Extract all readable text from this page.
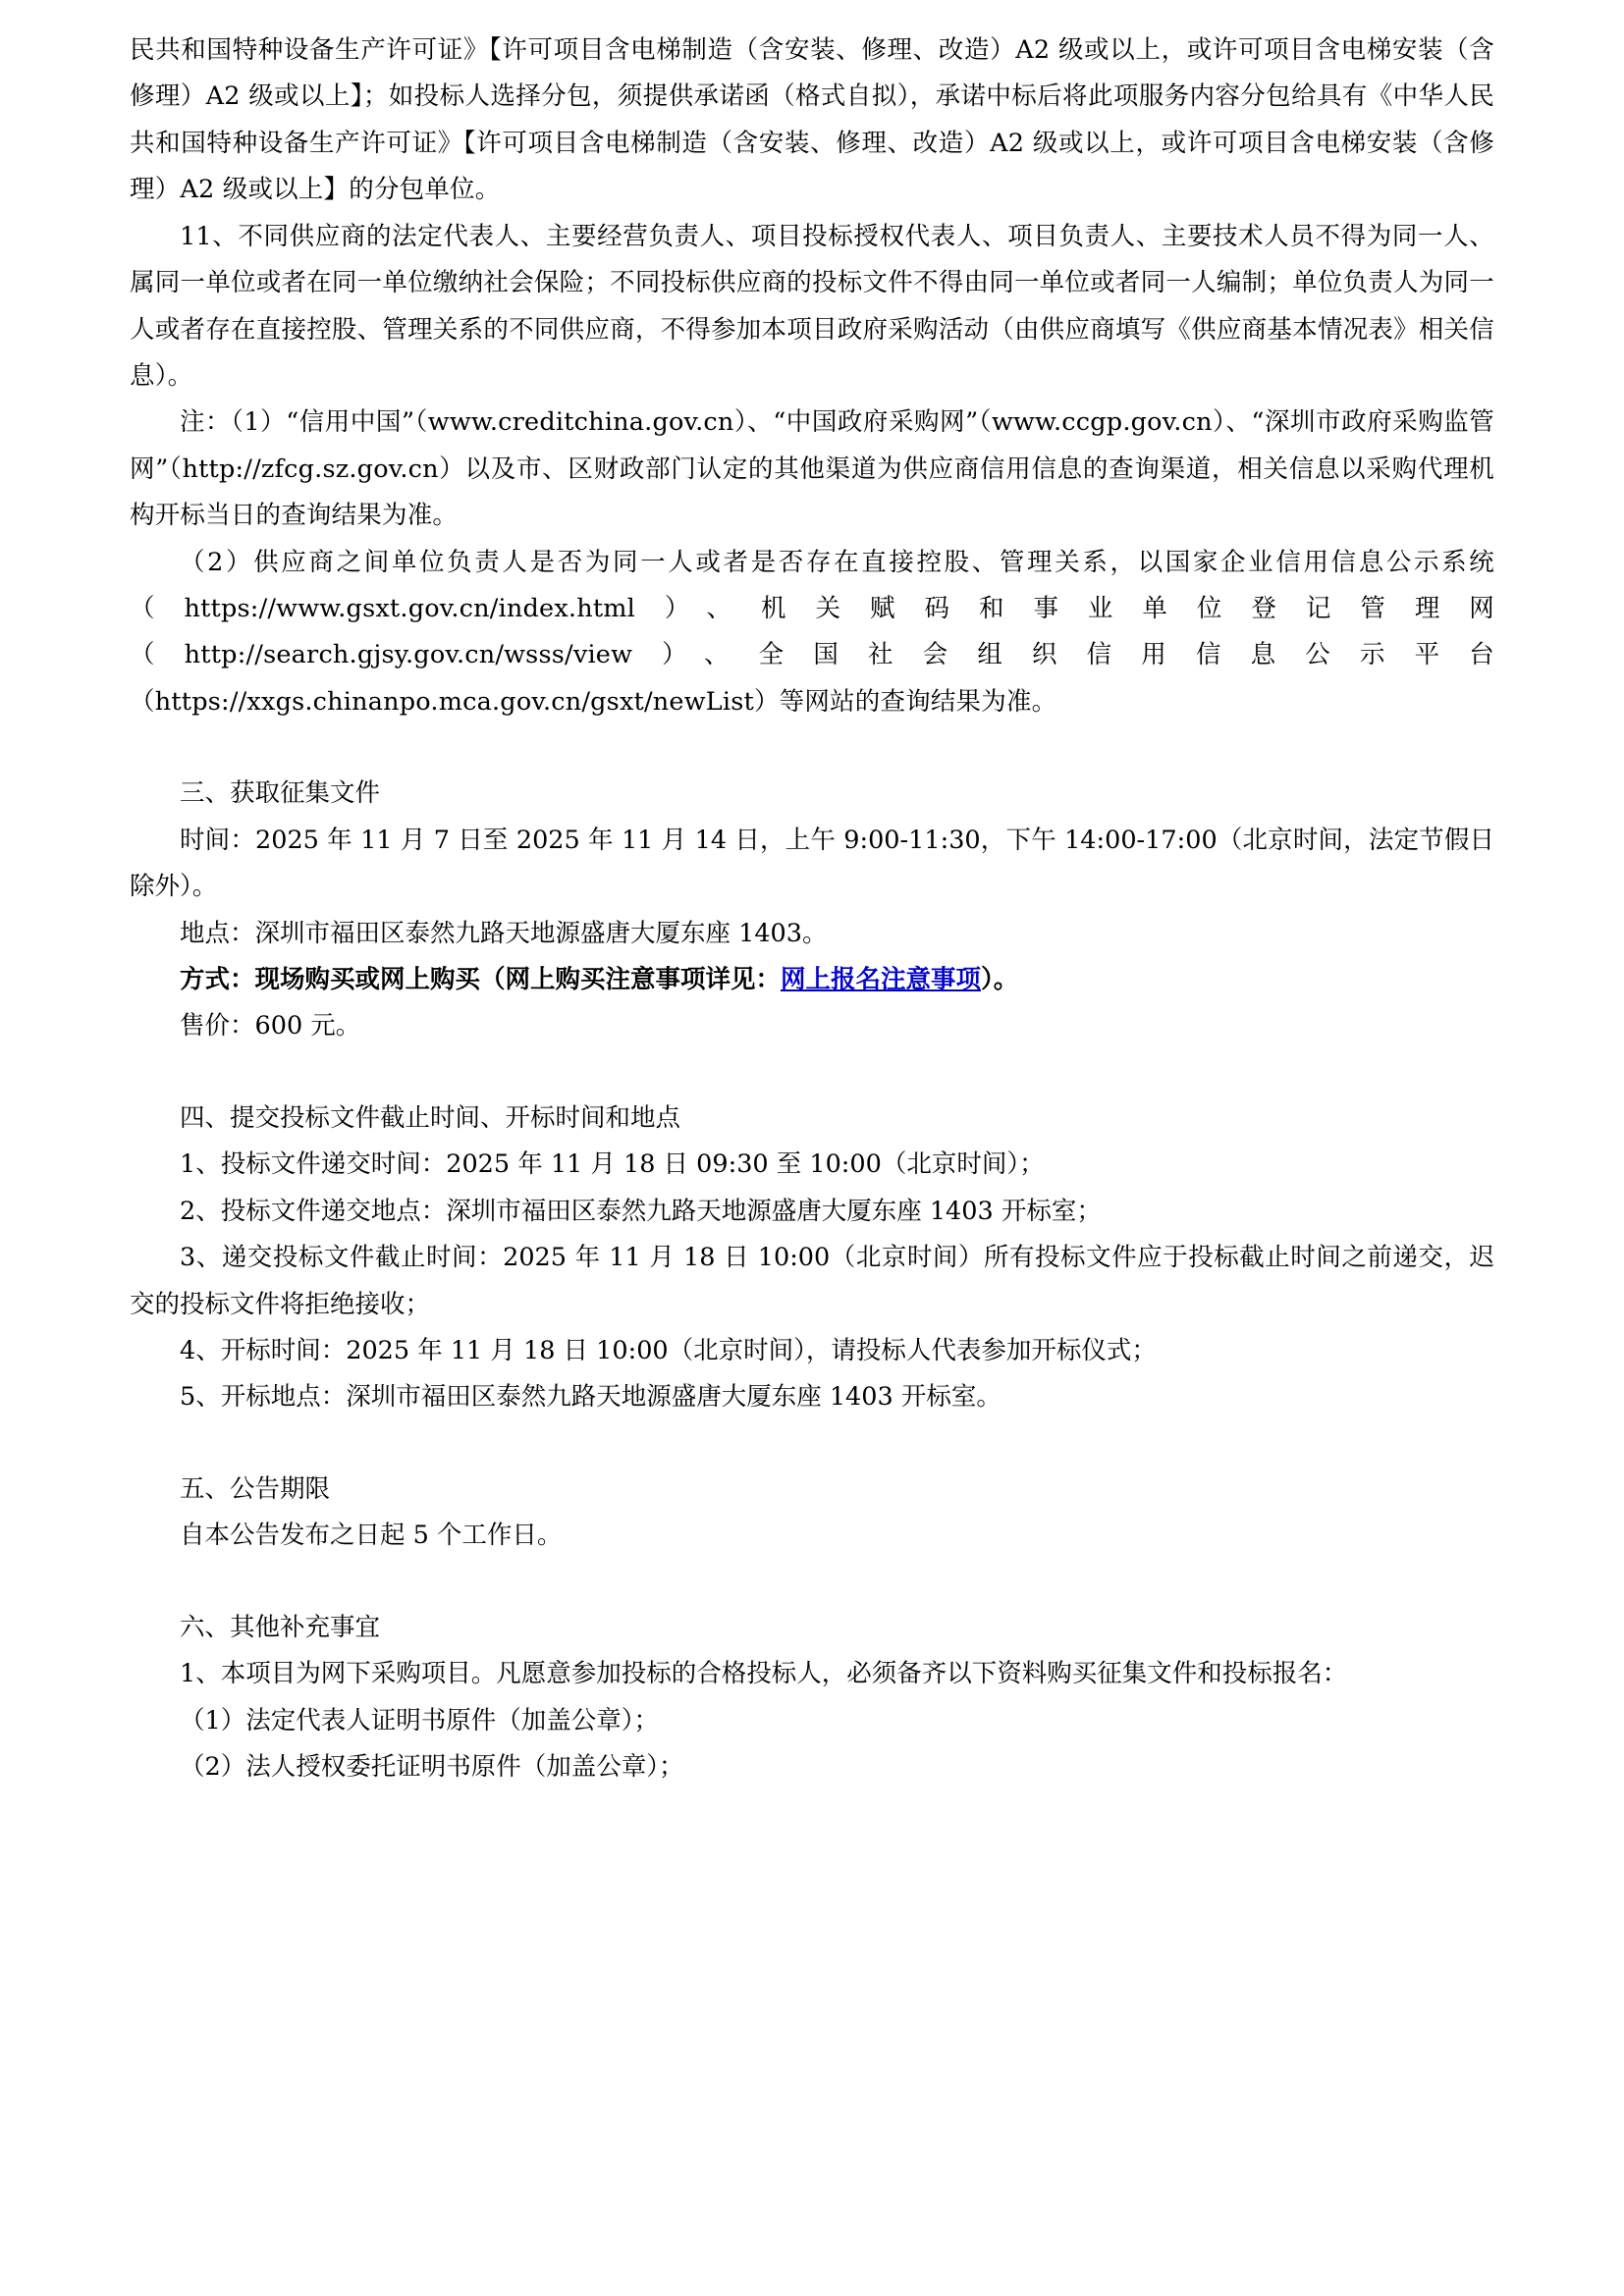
民共和国特种设备生产许可证》【许可项目含电梯制造（含安装、修理、改造）A2 级或以上，或许可项目含电梯安装（含修理）A2 级或以上】；如投标人选择分包，须提供承诺函（格式自拟），承诺中标后将此项服务内容分包给具有《中华人民共和国特种设备生产许可证》【许可项目含电梯制造（含安装、修理、改造）A2 级或以上，或许可项目含电梯安装（含修理）A2 级或以上】的分包单位。

11、不同供应商的法定代表人、主要经营负责人、项目投标授权代表人、项目负责人、主要技术人员不得为同一人、属同一单位或者在同一单位缴纳社会保险；不同投标供应商的投标文件不得由同一单位或者同一人编制；单位负责人为同一人或者存在直接控股、管理关系的不同供应商，不得参加本项目政府采购活动（由供应商填写《供应商基本情况表》相关信息）。

注：（1）“信用中国”（www.creditchina.gov.cn）、“中国政府采购网”（www.ccgp.gov.cn）、“深圳市政府采购监管网”（http://zfcg.sz.gov.cn）以及市、区财政部门认定的其他渠道为供应商信用信息的查询渠道，相关信息以采购代理机构开标当日的查询结果为准。

（2）供应商之间单位负责人是否为同一人或者是否存在直接控股、管理关系，以国家企业信用信息公示系统（https://www.gsxt.gov.cn/index.html）、机关赋码和事业单位登记管理网（http://search.gjsy.gov.cn/wsss/view）、全国社会组织信用信息公示平台（https://xxgs.chinanpo.mca.gov.cn/gsxt/newList）等网站的查询结果为准。

三、获取征集文件

时间：2025 年 11 月 7 日至 2025 年 11 月 14 日，上午 9:00-11:30，下午 14:00-17:00（北京时间，法定节假日除外）。

地点：深圳市福田区泰然九路天地源盛唐大厦东座 1403。

方式：现场购买或网上购买（网上购买注意事项详见：网上报名注意事项）。

售价：600 元。

四、提交投标文件截止时间、开标时间和地点

1、投标文件递交时间：2025 年 11 月 18 日 09:30 至 10:00（北京时间）；

2、投标文件递交地点：深圳市福田区泰然九路天地源盛唐大厦东座 1403 开标室；

3、递交投标文件截止时间：2025 年 11 月 18 日 10:00（北京时间）所有投标文件应于投标截止时间之前递交，迟交的投标文件将拒绝接收；

4、开标时间：2025 年 11 月 18 日 10:00（北京时间），请投标人代表参加开标仪式；

5、开标地点：深圳市福田区泰然九路天地源盛唐大厦东座 1403 开标室。

五、公告期限

自本公告发布之日起 5 个工作日。

六、其他补充事宜

1、本项目为网下采购项目。凡愿意参加投标的合格投标人，必须备齐以下资料购买征集文件和投标报名：

（1）法定代表人证明书原件（加盖公章）；

（2）法人授权委托证明书原件（加盖公章）；
